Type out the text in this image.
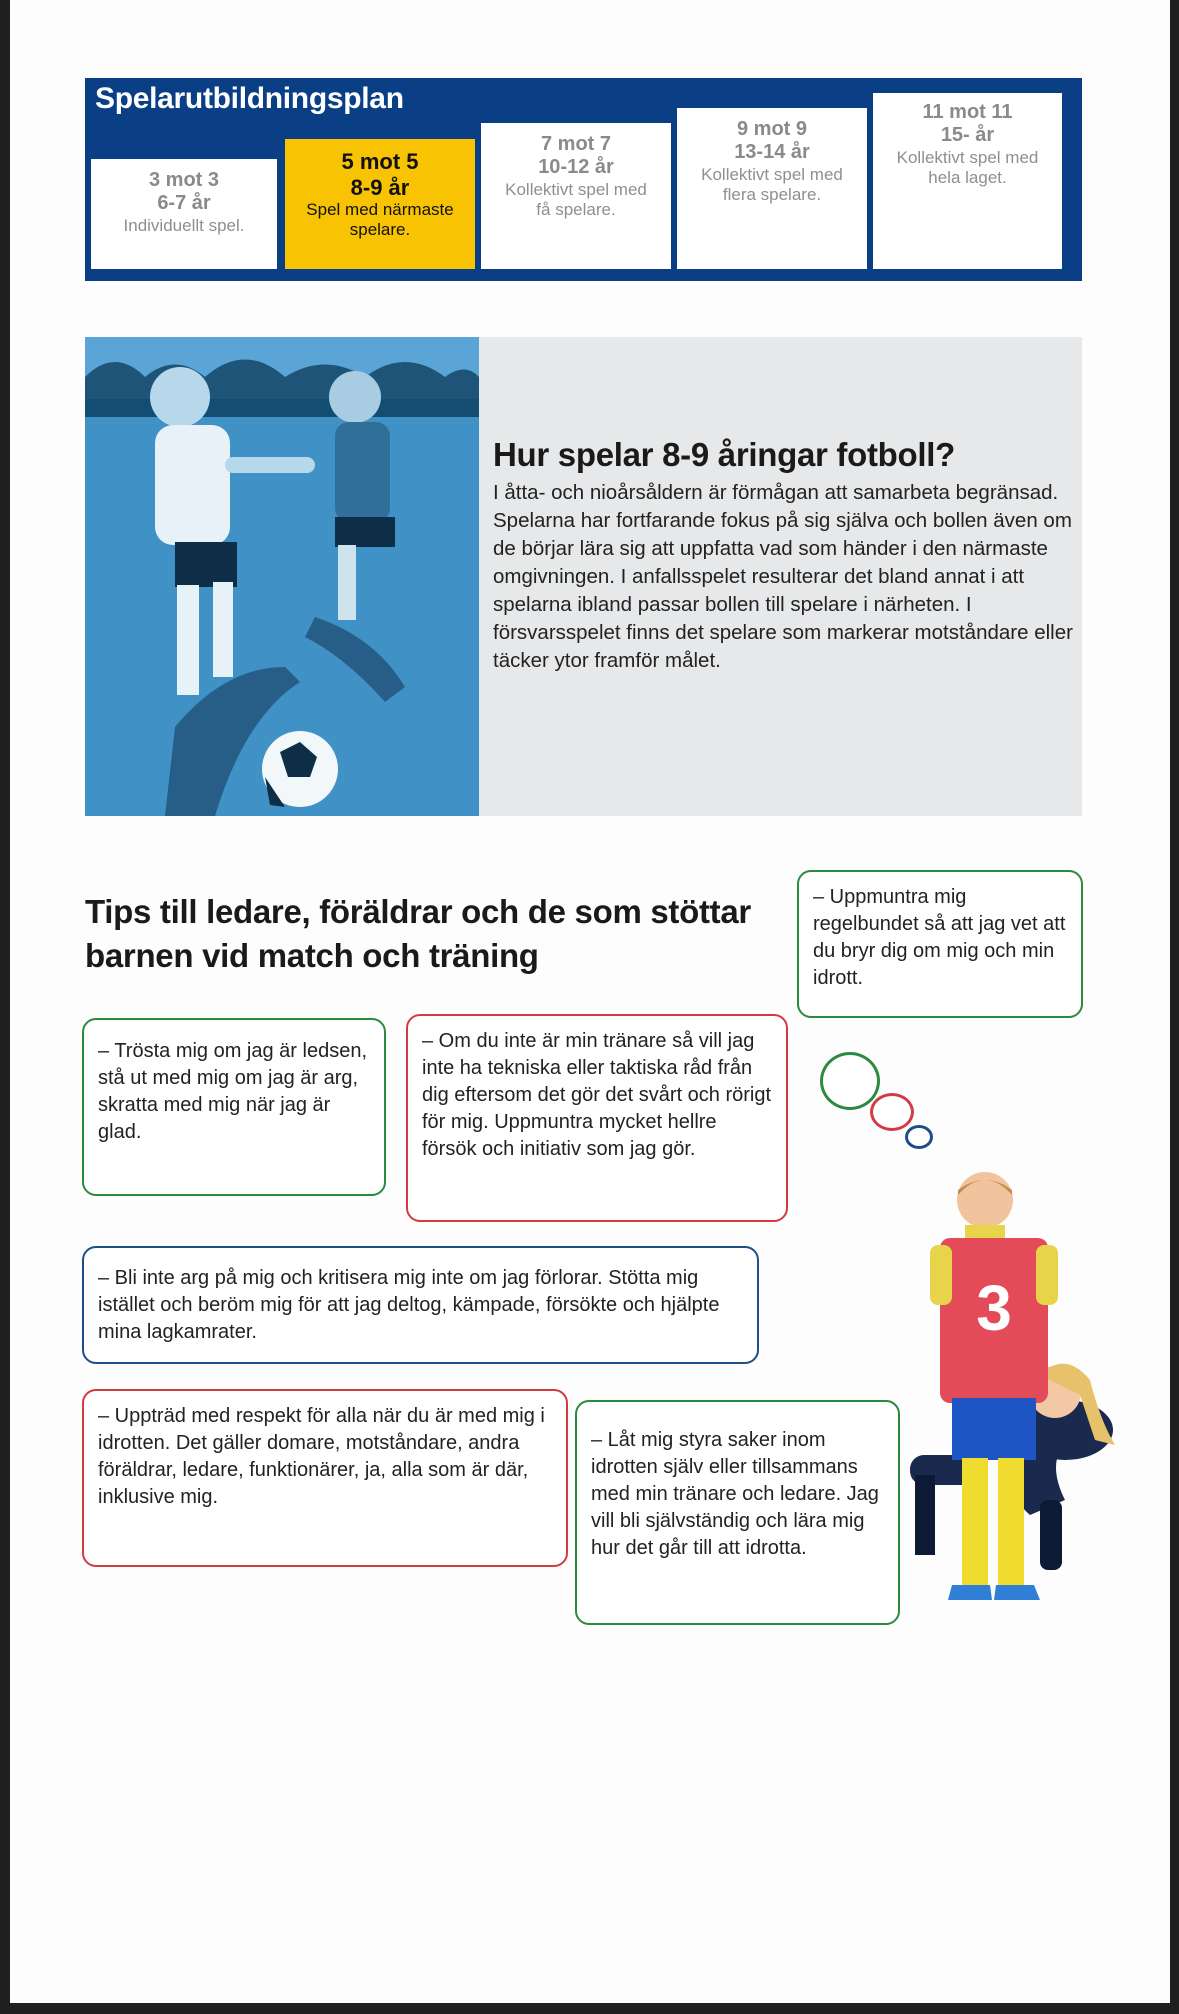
Spelarutbildningsplan
3 mot 3
6-7 år
Individuellt spel.
5 mot 5
8-9 år
Spel med närmaste spelare.
7 mot 7
10-12 år
Kollektivt spel med få spelare.
9 mot 9
13-14 år
Kollektivt spel med flera spelare.
11 mot 11
15- år
Kollektivt spel med hela laget.
Hur spelar 8-9 åringar fotboll?

I åtta- och nioårsåldern är förmågan att samarbeta begränsad. Spelarna har fortfarande fokus på sig själva och bollen även om de börjar lära sig att uppfatta vad som händer i den närmaste omgivningen. I anfallsspelet resulterar det bland annat i att spelarna ibland passar bollen till spelare i närheten. I försvarsspelet finns det spelare som markerar motståndare eller täcker ytor framför målet.

Tips till ledare, föräldrar och de som stöttar barnen vid match och träning
– Uppmuntra mig regelbundet så att jag vet att du bryr dig om mig och min idrott.
– Trösta mig om jag är ledsen, stå ut med mig om jag är arg, skratta med mig när jag är glad.
– Om du inte är min tränare så vill jag inte ha tekniska eller taktiska råd från dig eftersom det gör det svårt och rörigt för mig. Uppmuntra mycket hellre försök och initiativ som jag gör.
– Bli inte arg på mig och kritisera mig inte om jag förlorar. Stötta mig istället och beröm mig för att jag deltog, kämpade, försökte och hjälpte mina lagkamrater.
– Uppträd med respekt för alla när du är med mig i idrotten. Det gäller domare, motståndare, andra föräldrar, ledare, funktionärer, ja, alla som är där, inklusive mig.
– Låt mig styra saker inom idrotten själv eller tillsammans med min tränare och ledare. Jag vill bli självständig och lära mig hur det går till att idrotta.
3
